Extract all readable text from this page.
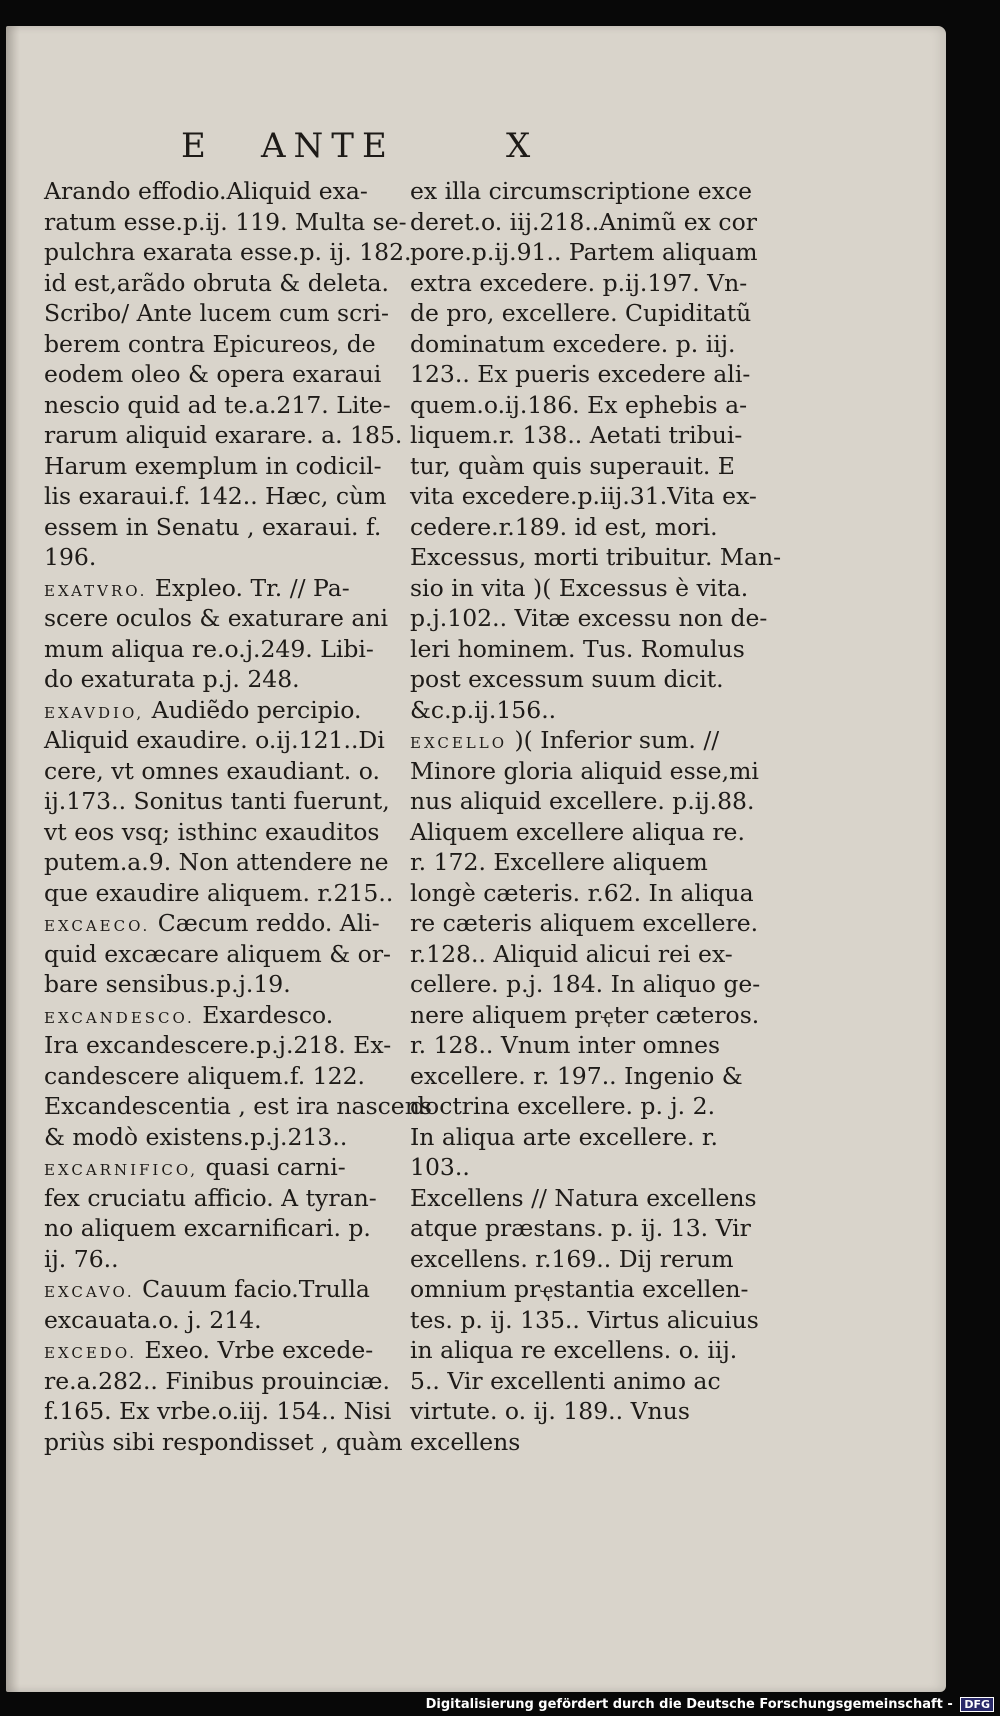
E ANTE	X
Arando effodio.Aliquid exa-
ratum esse.p.ij. 119. Multa se-
pulchra exarata esse.p. ij. 182.
id est,arãdo obruta & deleta.
Scribo/ Ante lucem cum scri-
berem contra Epicureos, de
eodem oleo & opera exaraui
nescio quid ad te.a.217. Lite-
rarum aliquid exarare. a. 185.
Harum exemplum in codicil-
lis exaraui.f. 142.. Hæc, cùm
essem in Senatu , exaraui. f.
196.
EXATVRO. Expleo. Tr. // Pa-
scere oculos & exaturare ani
mum aliqua re.o.j.249. Libi-
do exaturata p.j. 248.
EXAVDIO, Audiẽdo percipio.
Aliquid exaudire. o.ij.121..Di
cere, vt omnes exaudiant. o.
ij.173.. Sonitus tanti fuerunt,
vt eos vsq; isthinc exauditos
putem.a.9. Non attendere ne
que exaudire aliquem. r.215..
EXCAECO. Cæcum reddo. Ali-
quid excæcare aliquem & or-
bare sensibus.p.j.19.
EXCANDESCO. Exardesco.
Ira excandescere.p.j.218. Ex-
candescere aliquem.f. 122.
Excandescentia , est ira nascens
& modò existens.p.j.213..
EXCARNIFICO, quasi carni-
fex cruciatu afficio. A tyran-
no aliquem excarnificari. p.
ij. 76..
EXCAVO. Cauum facio.Trulla
excauata.o. j. 214.
EXCEDO. Exeo. Vrbe excede-
re.a.282.. Finibus prouinciæ.
f.165. Ex vrbe.o.iij. 154.. Nisi
priùs sibi respondisset , quàm
ex illa circumscriptione exce
deret.o. iij.218..Animũ ex cor
pore.p.ij.91.. Partem aliquam
extra excedere. p.ij.197. Vn-
de pro, excellere. Cupiditatũ
dominatum excedere. p. iij.
123.. Ex pueris excedere ali-
quem.o.ij.186. Ex ephebis a-
liquem.r. 138.. Aetati tribui-
tur, quàm quis superauit. E
vita excedere.p.iij.31.Vita ex-
cedere.r.189. id est, mori.
Excessus, morti tribuitur. Man-
sio in vita )( Excessus è vita.
p.j.102.. Vitæ excessu non de-
leri hominem. Tus. Romulus
post excessum suum dicit.
&c.p.ij.156..
EXCELLO )( Inferior sum. //
Minore gloria aliquid esse,mi
nus aliquid excellere. p.ij.88.
Aliquem excellere aliqua re.
r. 172. Excellere aliquem
longè cæteris. r.62. In aliqua
re cæteris aliquem excellere.
r.128.. Aliquid alicui rei ex-
cellere. p.j. 184. In aliquo ge-
nere aliquem prҿter cæteros.
r. 128.. Vnum inter omnes
excellere. r. 197.. Ingenio &
doctrina excellere. p. j. 2.
In aliqua arte excellere. r.
103..
Excellens // Natura excellens
atque præstans. p. ij. 13. Vir
excellens. r.169.. Dij rerum
omnium prҿstantia excellen-
tes. p. ij. 135.. Virtus alicuius
in aliqua re excellens. o. iij.
5.. Vir excellenti animo ac
virtute. o. ij. 189.. Vnus
excellens
Digitalisierung gefördert durch die Deutsche Forschungsgemeinschaft - DFG
